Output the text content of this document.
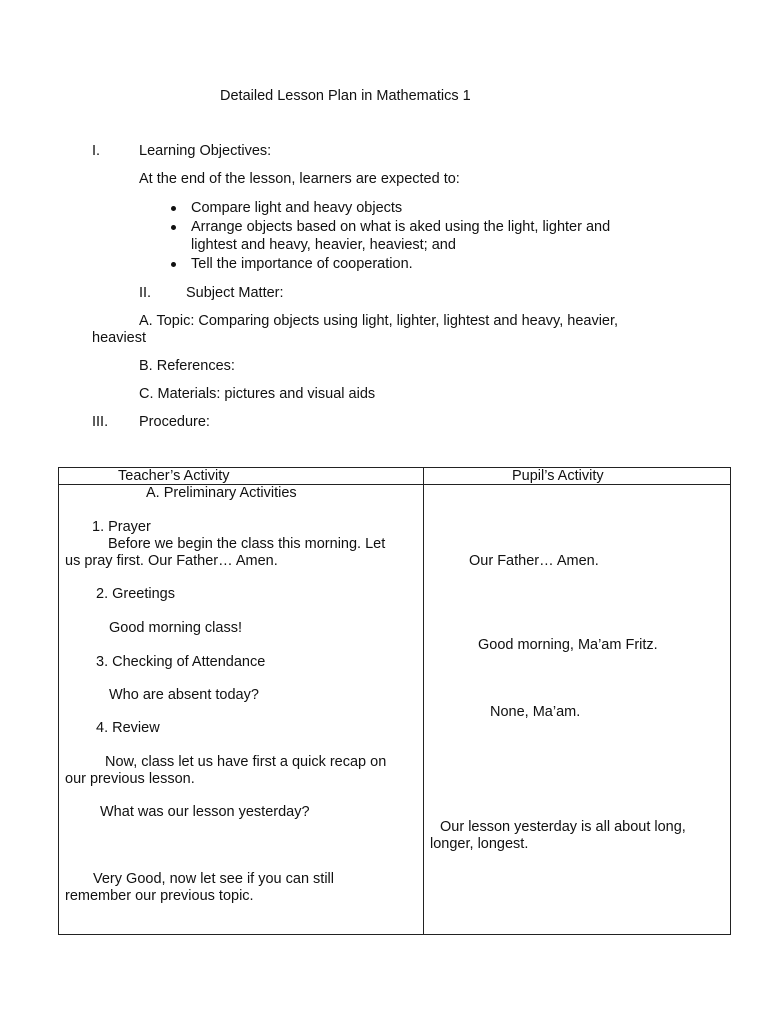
Detailed Lesson Plan in Mathematics 1
I.	Learning Objectives:
At the end of the lesson, learners are expected to:
Compare light and heavy objects
Arrange objects based on what is aked using the light, lighter and
lightest and heavy, heavier, heaviest; and
Tell the importance of cooperation.
II. Subject Matter:
A. Topic: Comparing objects using light, lighter, lightest and heavy, heavier,
heaviest
B. References:
C. Materials: pictures and visual aids
III. Procedure:
Teacher’s Activity	Pupil’s Activity
A. Preliminary Activities
1. Prayer
Before we begin the class this morning. Let
us pray first. Our Father… Amen.
2. Greetings
Good morning class!
3. Checking of Attendance
Who are absent today?
4. Review
Now, class let us have first a quick recap on
our previous lesson.
What was our lesson yesterday?
Very Good, now let see if you can still
remember our previous topic.
Our Father… Amen.
Good morning, Ma’am Fritz.
None, Ma’am.
Our lesson yesterday is all about long,
longer, longest.
